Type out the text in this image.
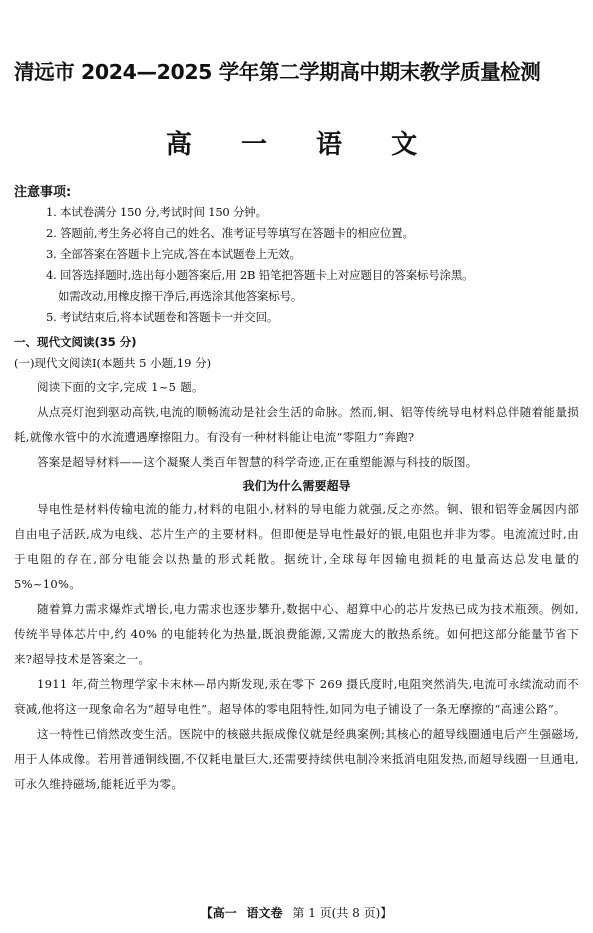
清远市 2024—2025 学年第二学期高中期末教学质量检测
高 一 语 文
注意事项:
1. 本试卷满分 150 分,考试时间 150 分钟。
2. 答题前,考生务必将自己的姓名、准考证号等填写在答题卡的相应位置。
3. 全部答案在答题卡上完成,答在本试题卷上无效。
4. 回答选择题时,选出每小题答案后,用 2B 铅笔把答题卡上对应题目的答案标号涂黑。
如需改动,用橡皮擦干净后,再选涂其他答案标号。
5. 考试结束后,将本试题卷和答题卡一并交回。
一、现代文阅读(35 分)
(一)现代文阅读Ⅰ(本题共 5 小题,19 分)

阅读下面的文字,完成 1~5 题。

从点亮灯泡到驱动高铁,电流的顺畅流动是社会生活的命脉。然而,铜、铝等传统导电材料总伴随着能量损耗,就像水管中的水流遭遇摩擦阻力。有没有一种材料能让电流“零阻力”奔跑?

答案是超导材料——这个凝聚人类百年智慧的科学奇迹,正在重塑能源与科技的版图。

我们为什么需要超导

导电性是材料传输电流的能力,材料的电阻小,材料的导电能力就强,反之亦然。铜、银和铝等金属因内部自由电子活跃,成为电线、芯片生产的主要材料。但即便是导电性最好的银,电阻也并非为零。电流流过时,由于电阻的存在,部分电能会以热量的形式耗散。据统计,全球每年因输电损耗的电量高达总发电量的 5%~10%。

随着算力需求爆炸式增长,电力需求也逐步攀升,数据中心、超算中心的芯片发热已成为技术瓶颈。例如,传统半导体芯片中,约 40% 的电能转化为热量,既浪费能源,又需庞大的散热系统。如何把这部分能量节省下来?超导技术是答案之一。

1911 年,荷兰物理学家卡末林—昂内斯发现,汞在零下 269 摄氏度时,电阻突然消失,电流可永续流动而不衰减,他将这一现象命名为“超导电性”。超导体的零电阻特性,如同为电子铺设了一条无摩擦的“高速公路”。

这一特性已悄然改变生活。医院中的核磁共振成像仪就是经典案例;其核心的超导线圈通电后产生强磁场,用于人体成像。若用普通铜线圈,不仅耗电量巨大,还需要持续供电制冷来抵消电阻发热,而超导线圈一旦通电,可永久维持磁场,能耗近乎为零。

【高一 语文卷 第 1 页(共 8 页)】
